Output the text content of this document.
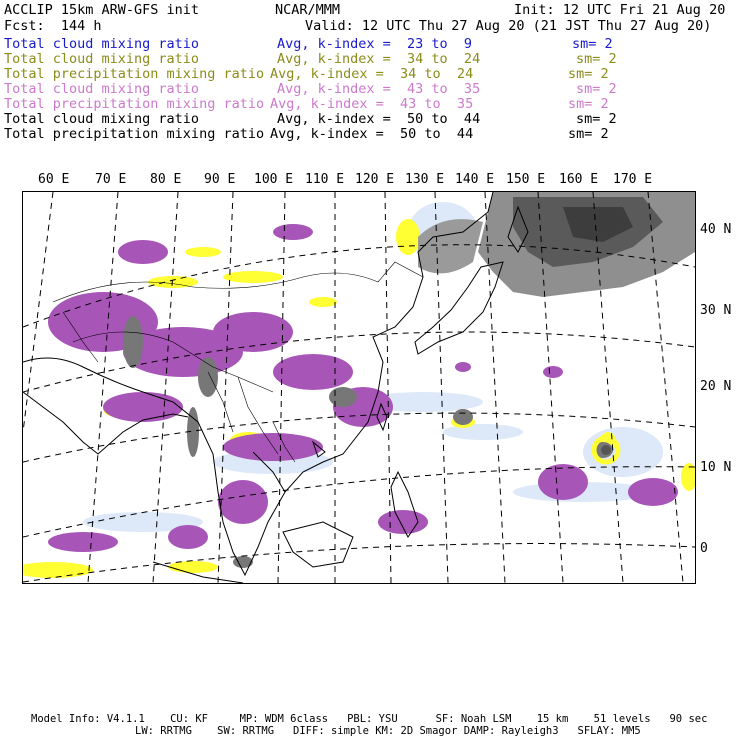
ACCLIP 15km ARW-GFS init	NCAR/MMM	Init: 12 UTC Fri 21 Aug 20
Fcst:  144 h	Valid: 12 UTC Thu 27 Aug 20 (21 JST Thu 27 Aug 20)
Total cloud mixing ratio	Avg, k-index =  23 to  9	sm= 2
Total cloud mixing ratio	Avg, k-index =  34 to  24	sm= 2
Total precipitation mixing ratio Avg, k-index =  34 to  24	sm= 2
Total cloud mixing ratio	Avg, k-index =  43 to  35	sm= 2
Total precipitation mixing ratio Avg, k-index =  43 to  35	sm= 2
Total cloud mixing ratio	Avg, k-index =  50 to  44	sm= 2
Total precipitation mixing ratio Avg, k-index =  50 to  44	sm= 2
60 E 70 E 80 E 90 E 100 E 110 E 120 E 130 E 140 E 150 E 160 E 170 E
40 N
30 N
20 N
10 N
0
Model Info: V4.1.1    CU: KF     MP: WDM 6class   PBL: YSU      SF: Noah LSM    15 km    51 levels   90 sec
LW: RRTMG    SW: RRTMG   DIFF: simple KM: 2D Smagor DAMP: Rayleigh3   SFLAY: MM5
